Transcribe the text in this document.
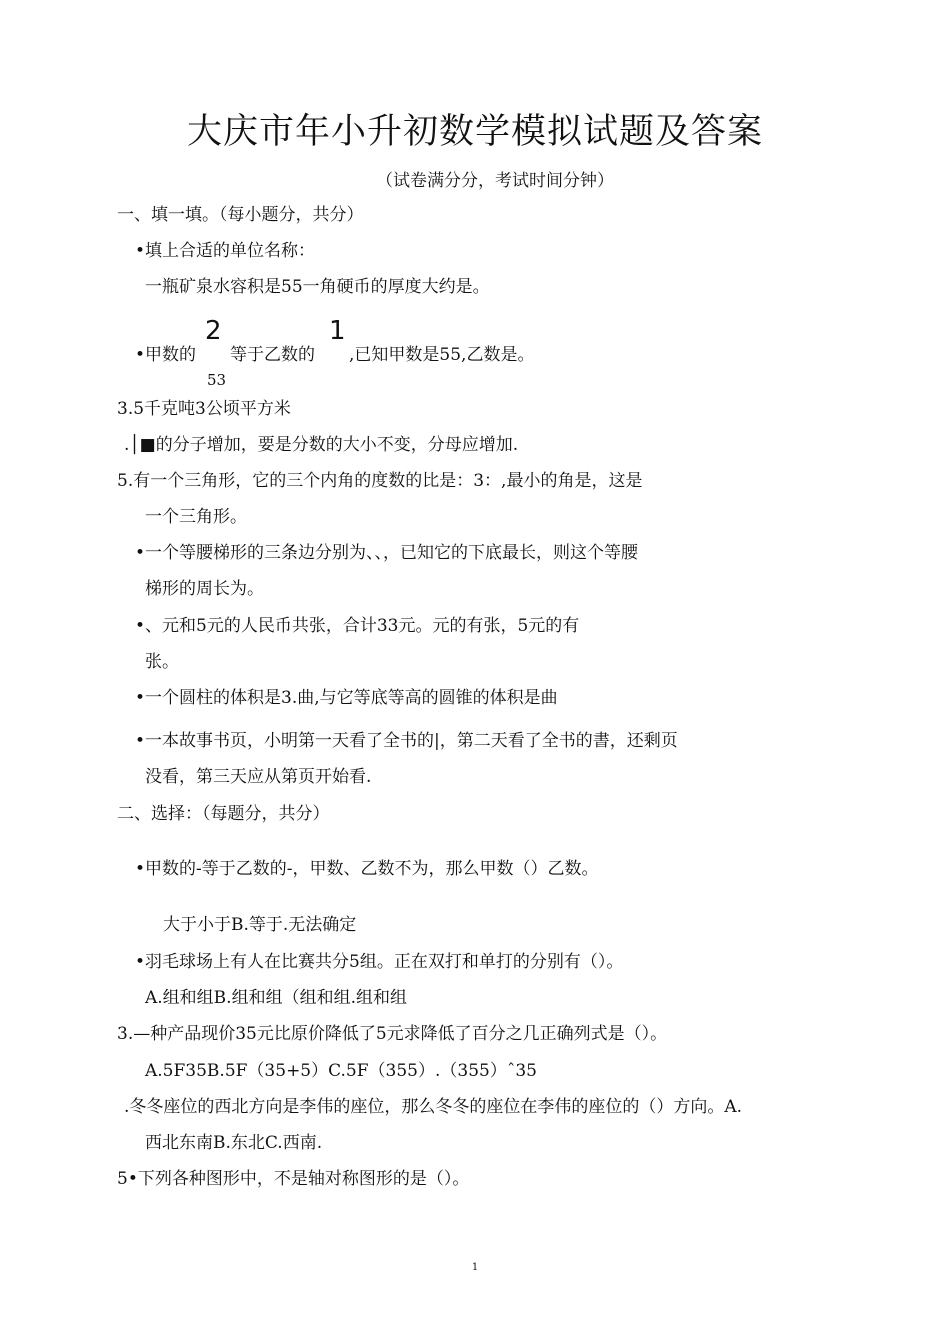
大庆市年小升初数学模拟试题及答案
（试卷满分分，考试时间分钟）
一、填一填。（每小题分，共分）
•填上合适的单位名称：
一瓶矿泉水容积是55一角硬币的厚度大约是。
2	1
•甲数的　　等于乙数的　　,已知甲数是55,乙数是。
53
3.5千克吨3公顷平方米
.│■的分子增加，要是分数的大小不变，分母应增加.
5.有一个三角形，它的三个内角的度数的比是：3：,最小的角是，这是
一个三角形。
•一个等腰梯形的三条边分别为、、，已知它的下底最长，则这个等腰
梯形的周长为。
•、元和5元的人民币共张，合计33元。元的有张，5元的有
张。
•一个圆柱的体积是3.曲,与它等底等高的圆锥的体积是曲
•一本故事书页，小明第一天看了全书的|，第二天看了全书的書，还剩页
没看，第三天应从第页开始看.
二、选择：（每题分，共分）
•甲数的-等于乙数的-，甲数、乙数不为，那么甲数（）乙数。
大于小于B.等于.无法确定
•羽毛球场上有人在比赛共分5组。正在双打和单打的分别有（）。
A.组和组B.组和组（组和组.组和组
3.—种产品现价35元比原价降低了5元求降低了百分之几正确列式是（）。
A.5F35B.5F（35+5）C.5F（355）.（355）ˆ35
.冬冬座位的西北方向是李伟的座位，那么冬冬的座位在李伟的座位的（）方向。A.
西北东南B.东北C.西南.
5•下列各种图形中，不是轴对称图形的是（）。
1
